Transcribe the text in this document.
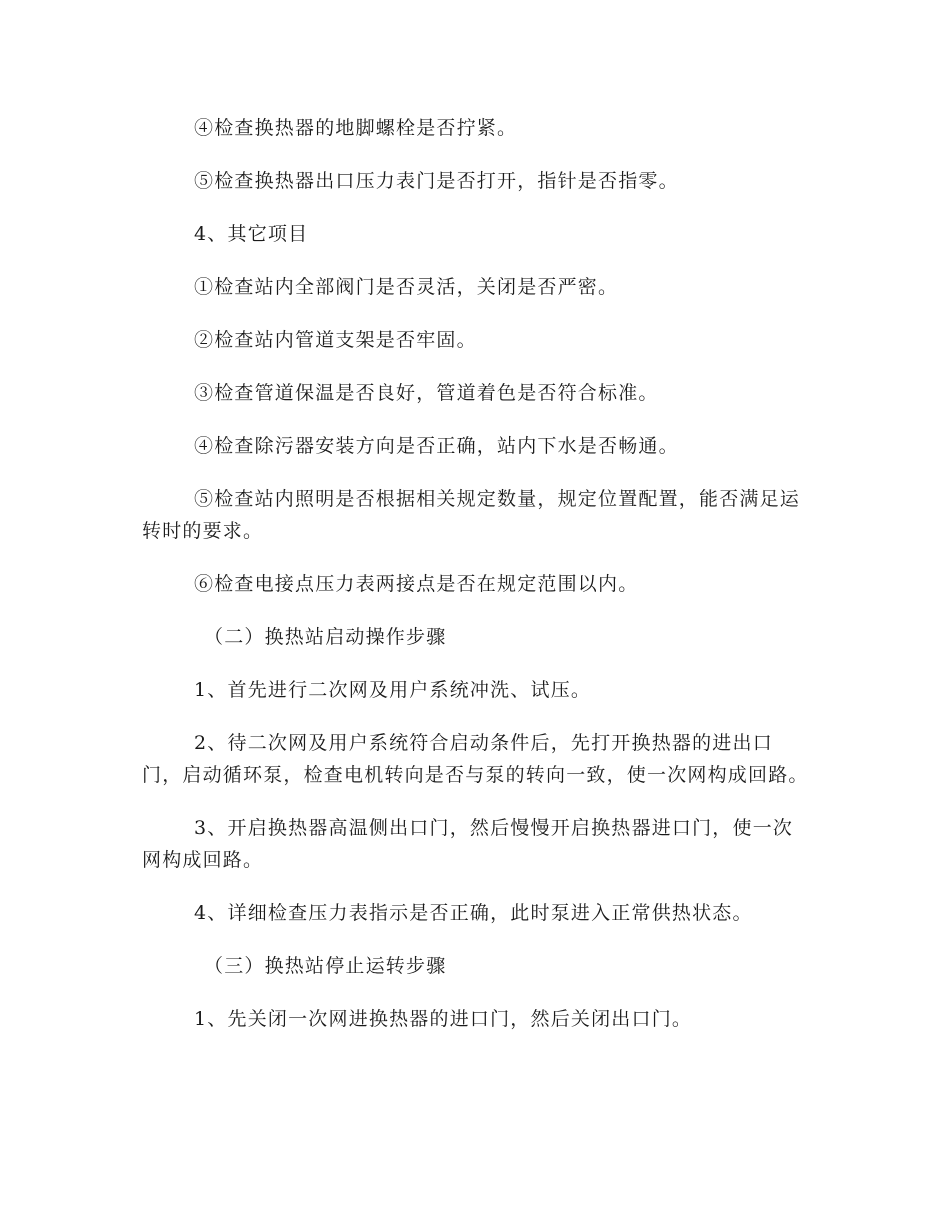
④检查换热器的地脚螺栓是否拧紧。

⑤检查换热器出口压力表门是否打开，指针是否指零。

4、其它项目

①检查站内全部阀门是否灵活，关闭是否严密。

②检查站内管道支架是否牢固。

③检查管道保温是否良好，管道着色是否符合标准。

④检查除污器安装方向是否正确，站内下水是否畅通。

⑤检查站内照明是否根据相关规定数量，规定位置配置，能否满足运转时的要求。

⑥检查电接点压力表两接点是否在规定范围以内。

（二）换热站启动操作步骤

1、首先进行二次网及用户系统冲洗、试压。

2、待二次网及用户系统符合启动条件后，先打开换热器的进出口门，启动循环泵，检查电机转向是否与泵的转向一致，使一次网构成回路。

3、开启换热器高温侧出口门，然后慢慢开启换热器进口门，使一次网构成回路。

4、详细检查压力表指示是否正确，此时泵进入正常供热状态。

（三）换热站停止运转步骤

1、先关闭一次网进换热器的进口门，然后关闭出口门。
